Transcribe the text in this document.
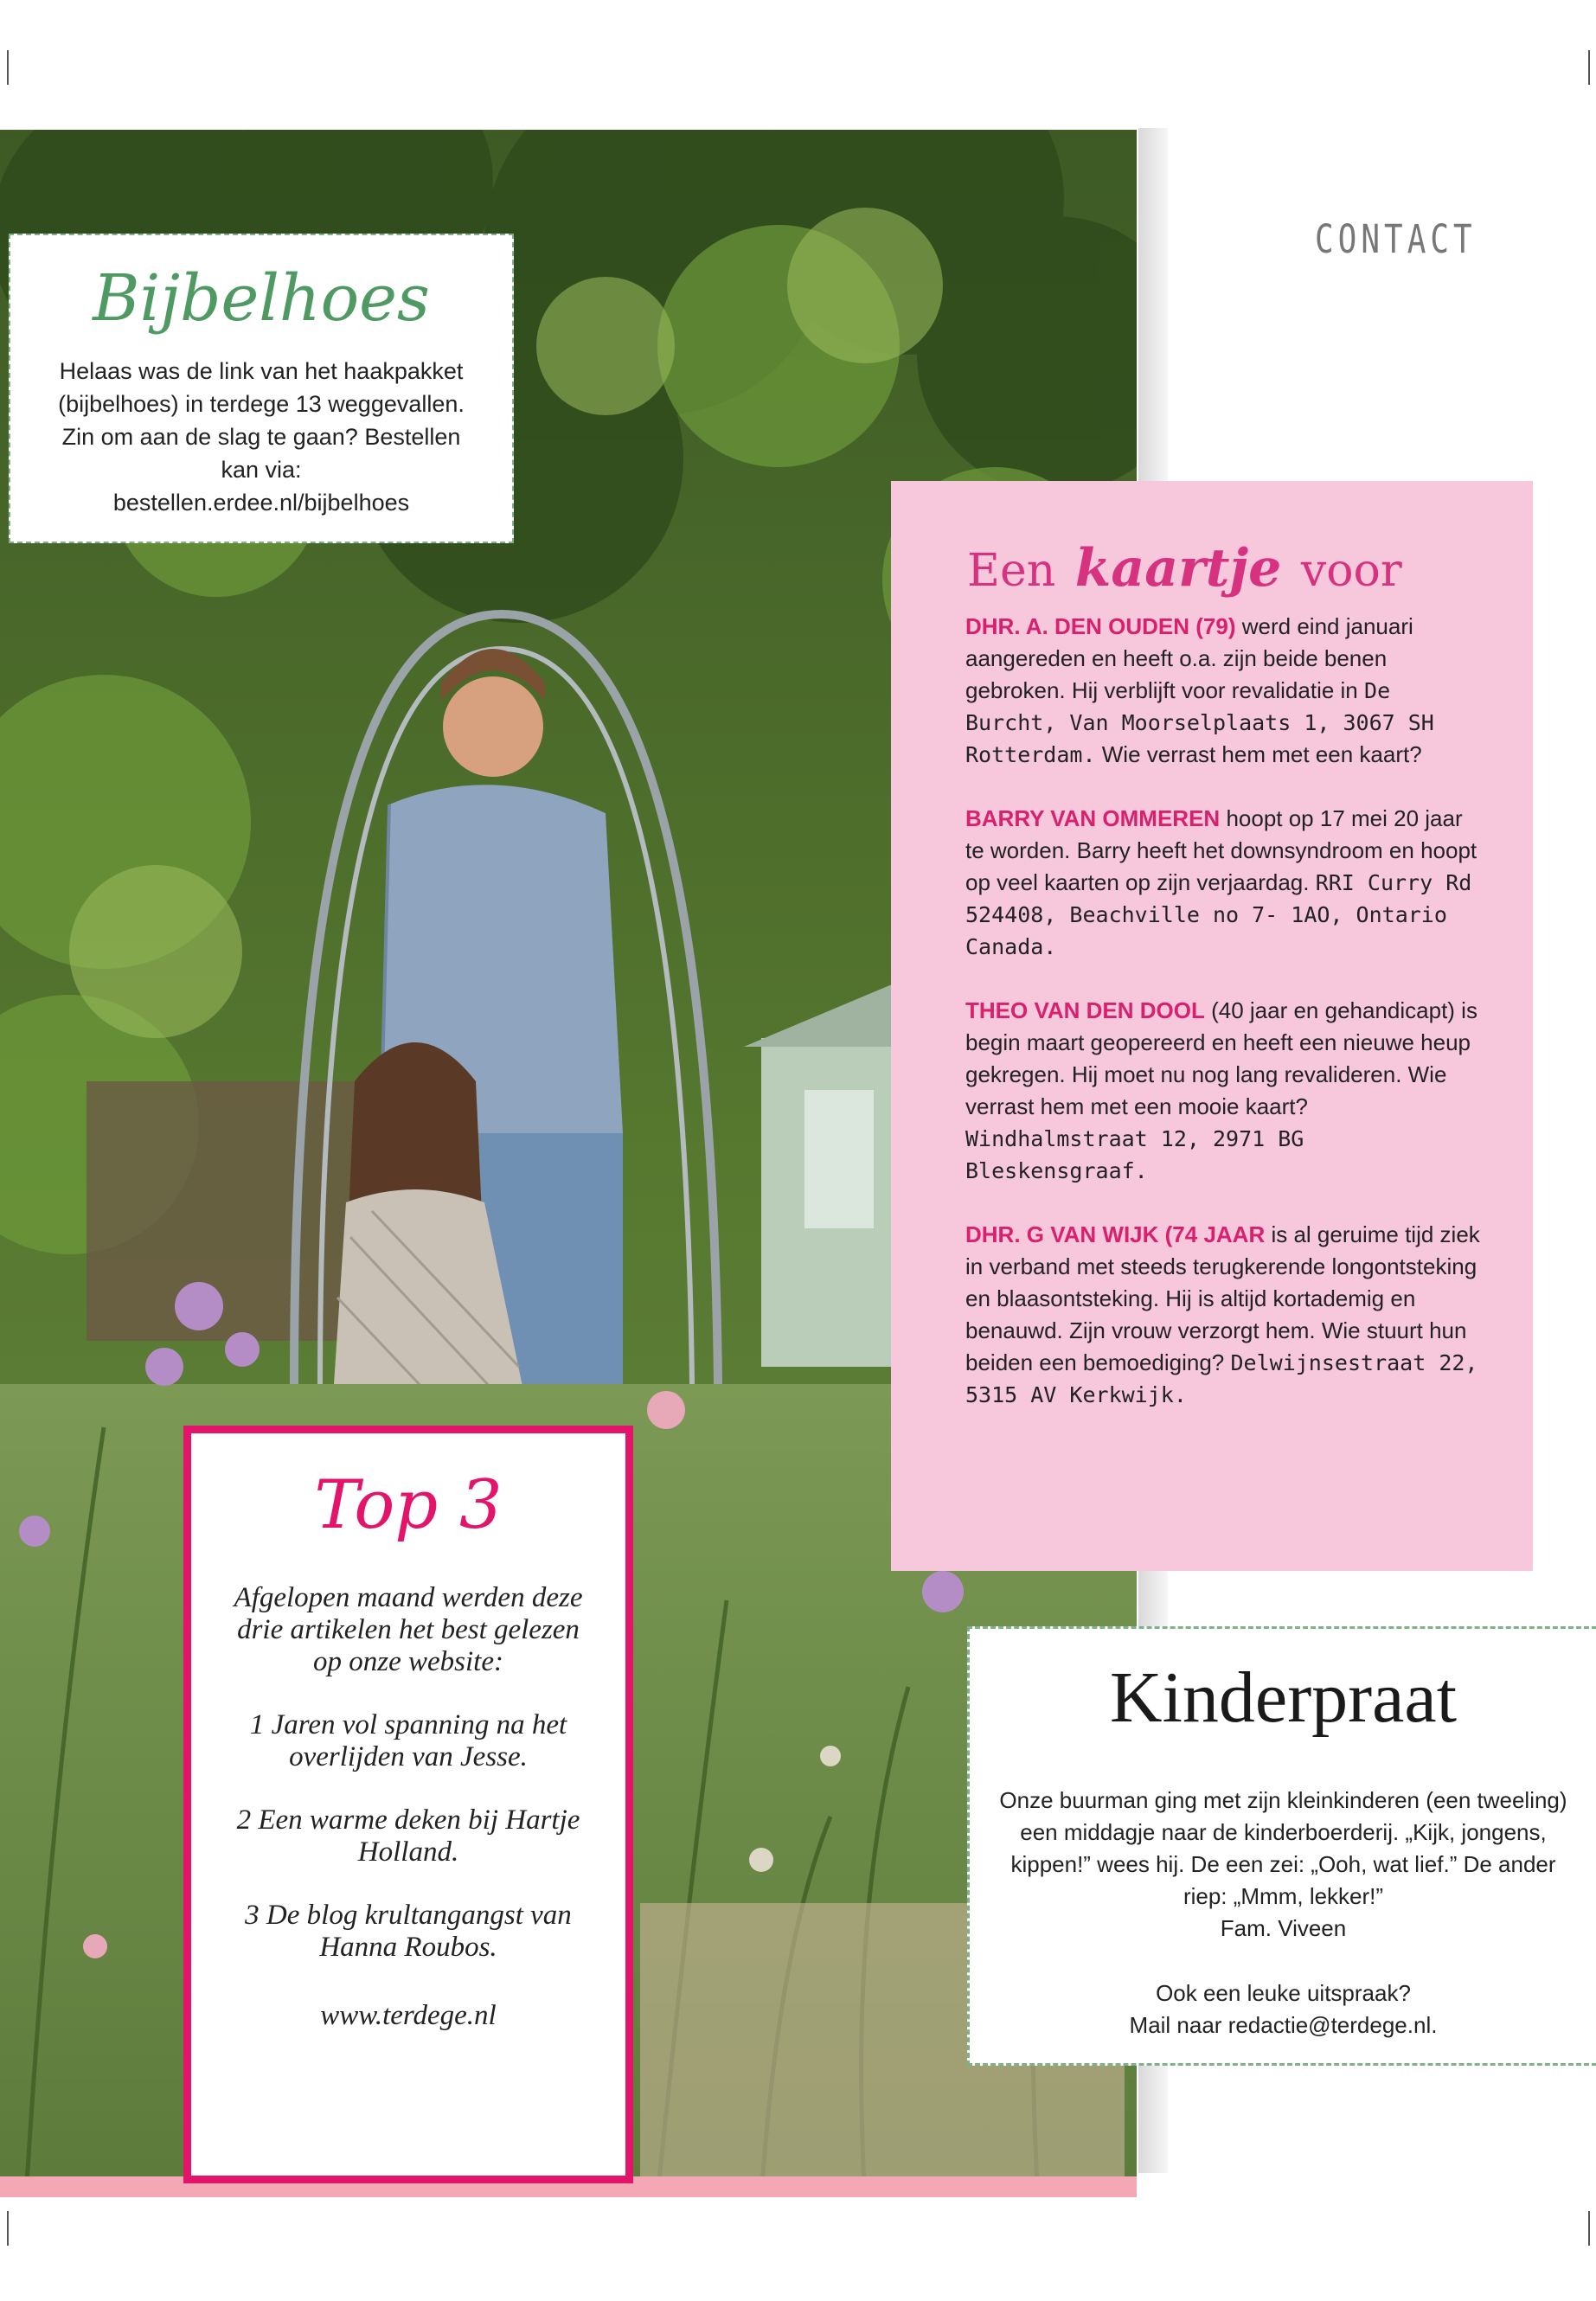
CONTACT
Bijbelhoes
Helaas was de link van het haakpakket (bijbelhoes) in terdege 13 weggevallen. Zin om aan de slag te gaan? Bestellen kan via:
bestellen.erdee.nl/bijbelhoes
Een kaartje voor
DHR. A. DEN OUDEN (79) werd eind januari aangereden en heeft o.a. zijn beide benen gebroken. Hij verblijft voor revalidatie in De Burcht, Van Moorselplaats 1, 3067 SH Rotterdam. Wie verrast hem met een kaart?
BARRY VAN OMMEREN hoopt op 17 mei 20 jaar te worden. Barry heeft het downsyndroom en hoopt op veel kaarten op zijn verjaardag. RRI Curry Rd 524408, Beachville no 7- 1AO, Ontario Canada.
THEO VAN DEN DOOL (40 jaar en gehandicapt) is begin maart geopereerd en heeft een nieuwe heup gekregen. Hij moet nu nog lang revalideren. Wie verrast hem met een mooie kaart? Windhalmstraat 12, 2971 BG Bleskensgraaf.
DHR. G VAN WIJK (74 JAAR is al geruime tijd ziek in verband met steeds terugkerende longontsteking en blaasontsteking. Hij is altijd kortademig en benauwd. Zijn vrouw verzorgt hem. Wie stuurt hun beiden een bemoediging? Delwijnsestraat 22, 5315 AV Kerkwijk.
Top 3
Afgelopen maand werden deze drie artikelen het best gelezen op onze website:
1 Jaren vol spanning na het overlijden van Jesse.
2 Een warme deken bij Hartje Holland.
3 De blog krultangangst van Hanna Roubos.
www.terdege.nl
Kinderpraat
Onze buurman ging met zijn kleinkinderen (een tweeling) een middagje naar de kinderboerderij. „Kijk, jongens, kippen!” wees hij. De een zei: „Ooh, wat lief.” De ander riep: „Mmm, lekker!”
Fam. Viveen
Ook een leuke uitspraak?
Mail naar redactie@terdege.nl.
